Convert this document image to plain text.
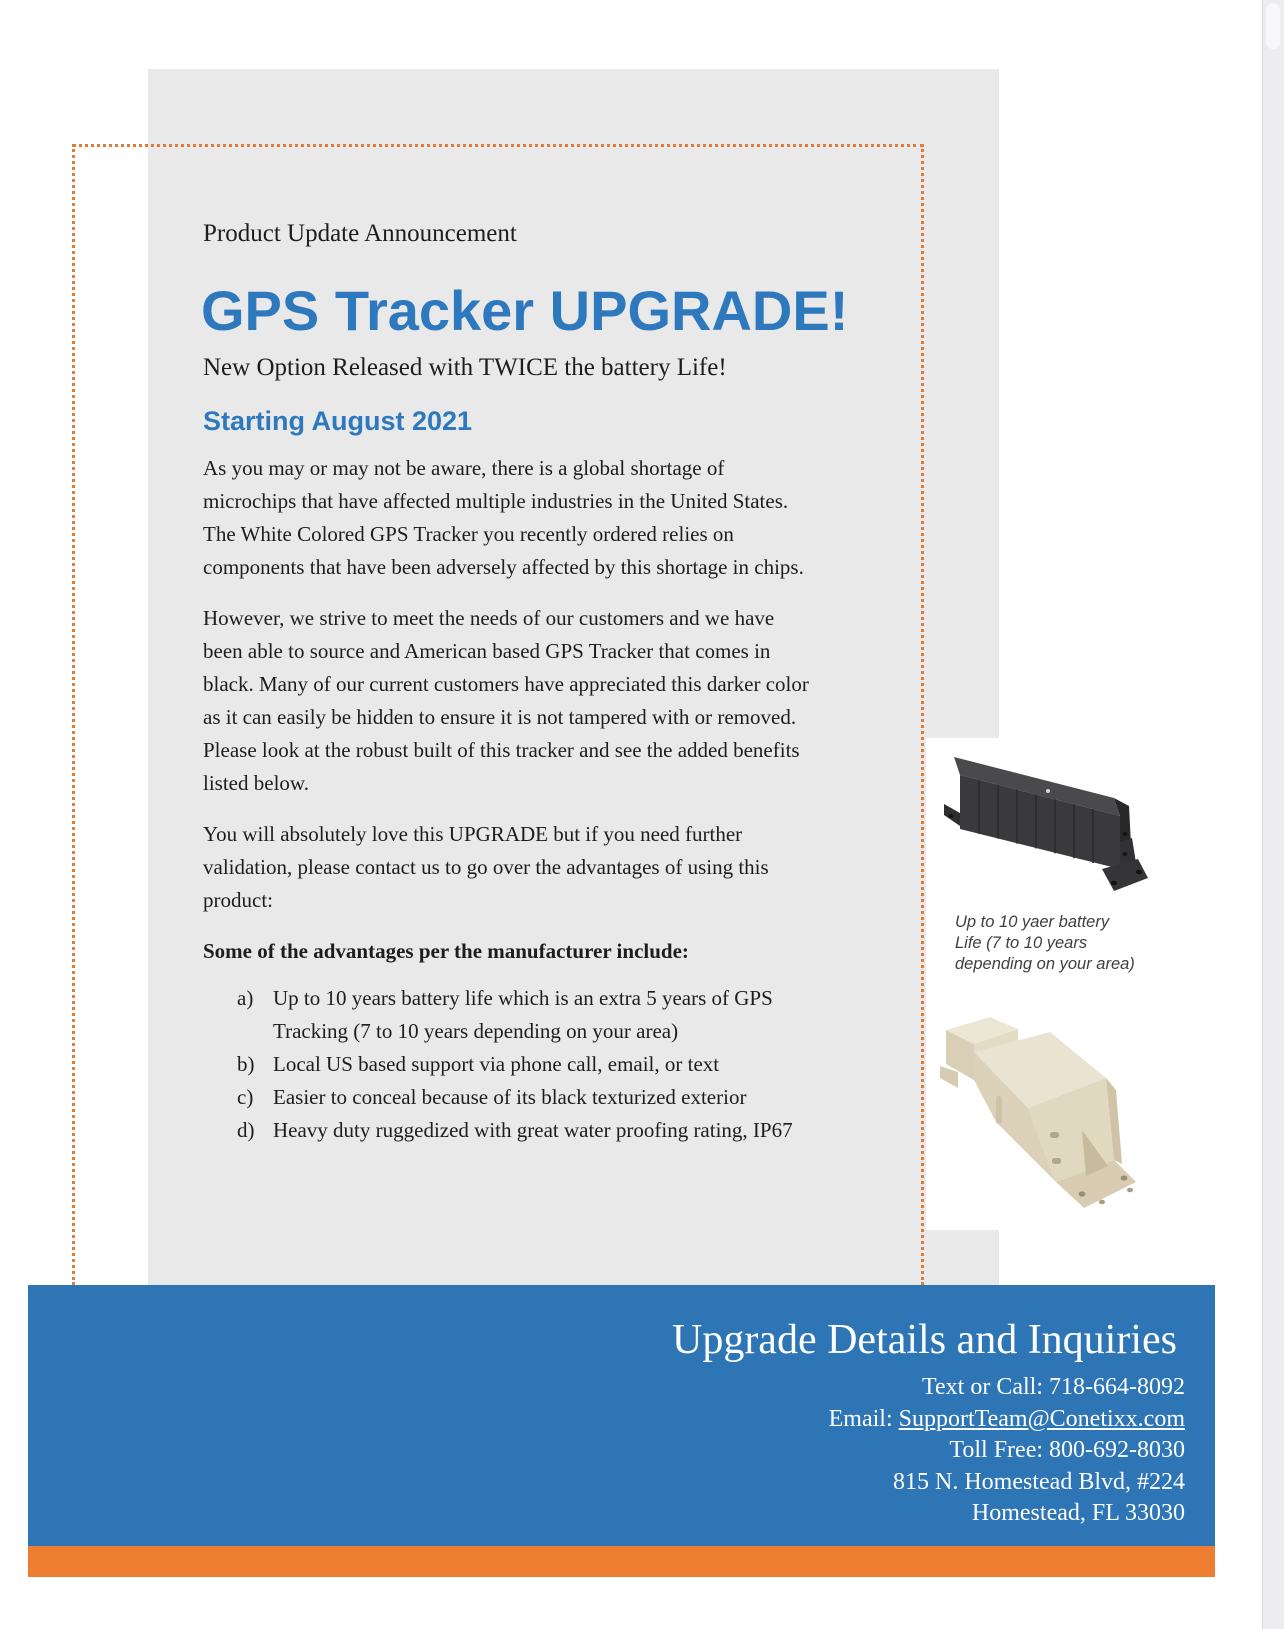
Product Update Announcement
GPS Tracker UPGRADE!
New Option Released with TWICE the battery Life!
Starting August 2021
As you may or may not be aware, there is a global shortage of
microchips that have affected multiple industries in the United States.
The White Colored GPS Tracker you recently ordered relies on
components that have been adversely affected by this shortage in chips.
However, we strive to meet the needs of our customers and we have
been able to source and American based GPS Tracker that comes in
black. Many of our current customers have appreciated this darker color
as it can easily be hidden to ensure it is not tampered with or removed.
Please look at the robust built of this tracker and see the added benefits
listed below.
You will absolutely love this UPGRADE but if you need further
validation, please contact us to go over the advantages of using this
product:
Some of the advantages per the manufacturer include:
a) Up to 10 years battery life which is an extra 5 years of GPS
Tracking (7 to 10 years depending on your area)
b) Local US based support via phone call, email, or text
c) Easier to conceal because of its black texturized exterior
d) Heavy duty ruggedized with great water proofing rating, IP67
Up to 10 yaer battery
Life (7 to 10 years
depending on your area)
Upgrade Details and Inquiries
Text or Call: 718-664-8092
Email: SupportTeam@Conetixx.com
Toll Free: 800-692-8030
815 N. Homestead Blvd, #224
Homestead, FL 33030
